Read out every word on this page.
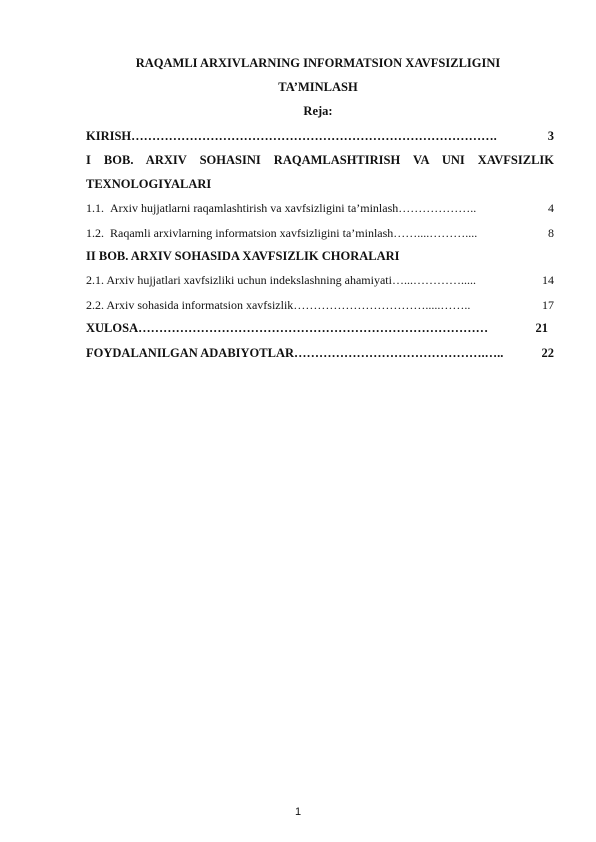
RAQAMLI ARXIVLARNING INFORMATSION XAVFSIZLIGINI
TA’MINLASH
Reja:
KIRISH …………………………………………………………………………….	3
I BOB. ARXIV SOHASINI RAQAMLASHTIRISH VA UNI XAVFSIZLIK
TEXNOLOGIYALARI
1.1. Arxiv hujjatlarni raqamlashtirish va xavfsizligini ta’minlash ………………..	4
1.2. Raqamli arxivlarning informatsion xavfsizligini ta’minlash ……....………....	8
II BOB. ARXIV SOHASIDA XAVFSIZLIK CHORALARI
2.1. Arxiv hujjatlari xavfsizliki uchun indekslashning ahamiyati …...………….....	14
2.2. Arxiv sohasida informatsion xavfsizlik …………………………….....……..	17
XULOSA …………………………………………………………………………	21
FOYDALANILGAN ADABIYOTLAR ……………………………………….…..	22
1
